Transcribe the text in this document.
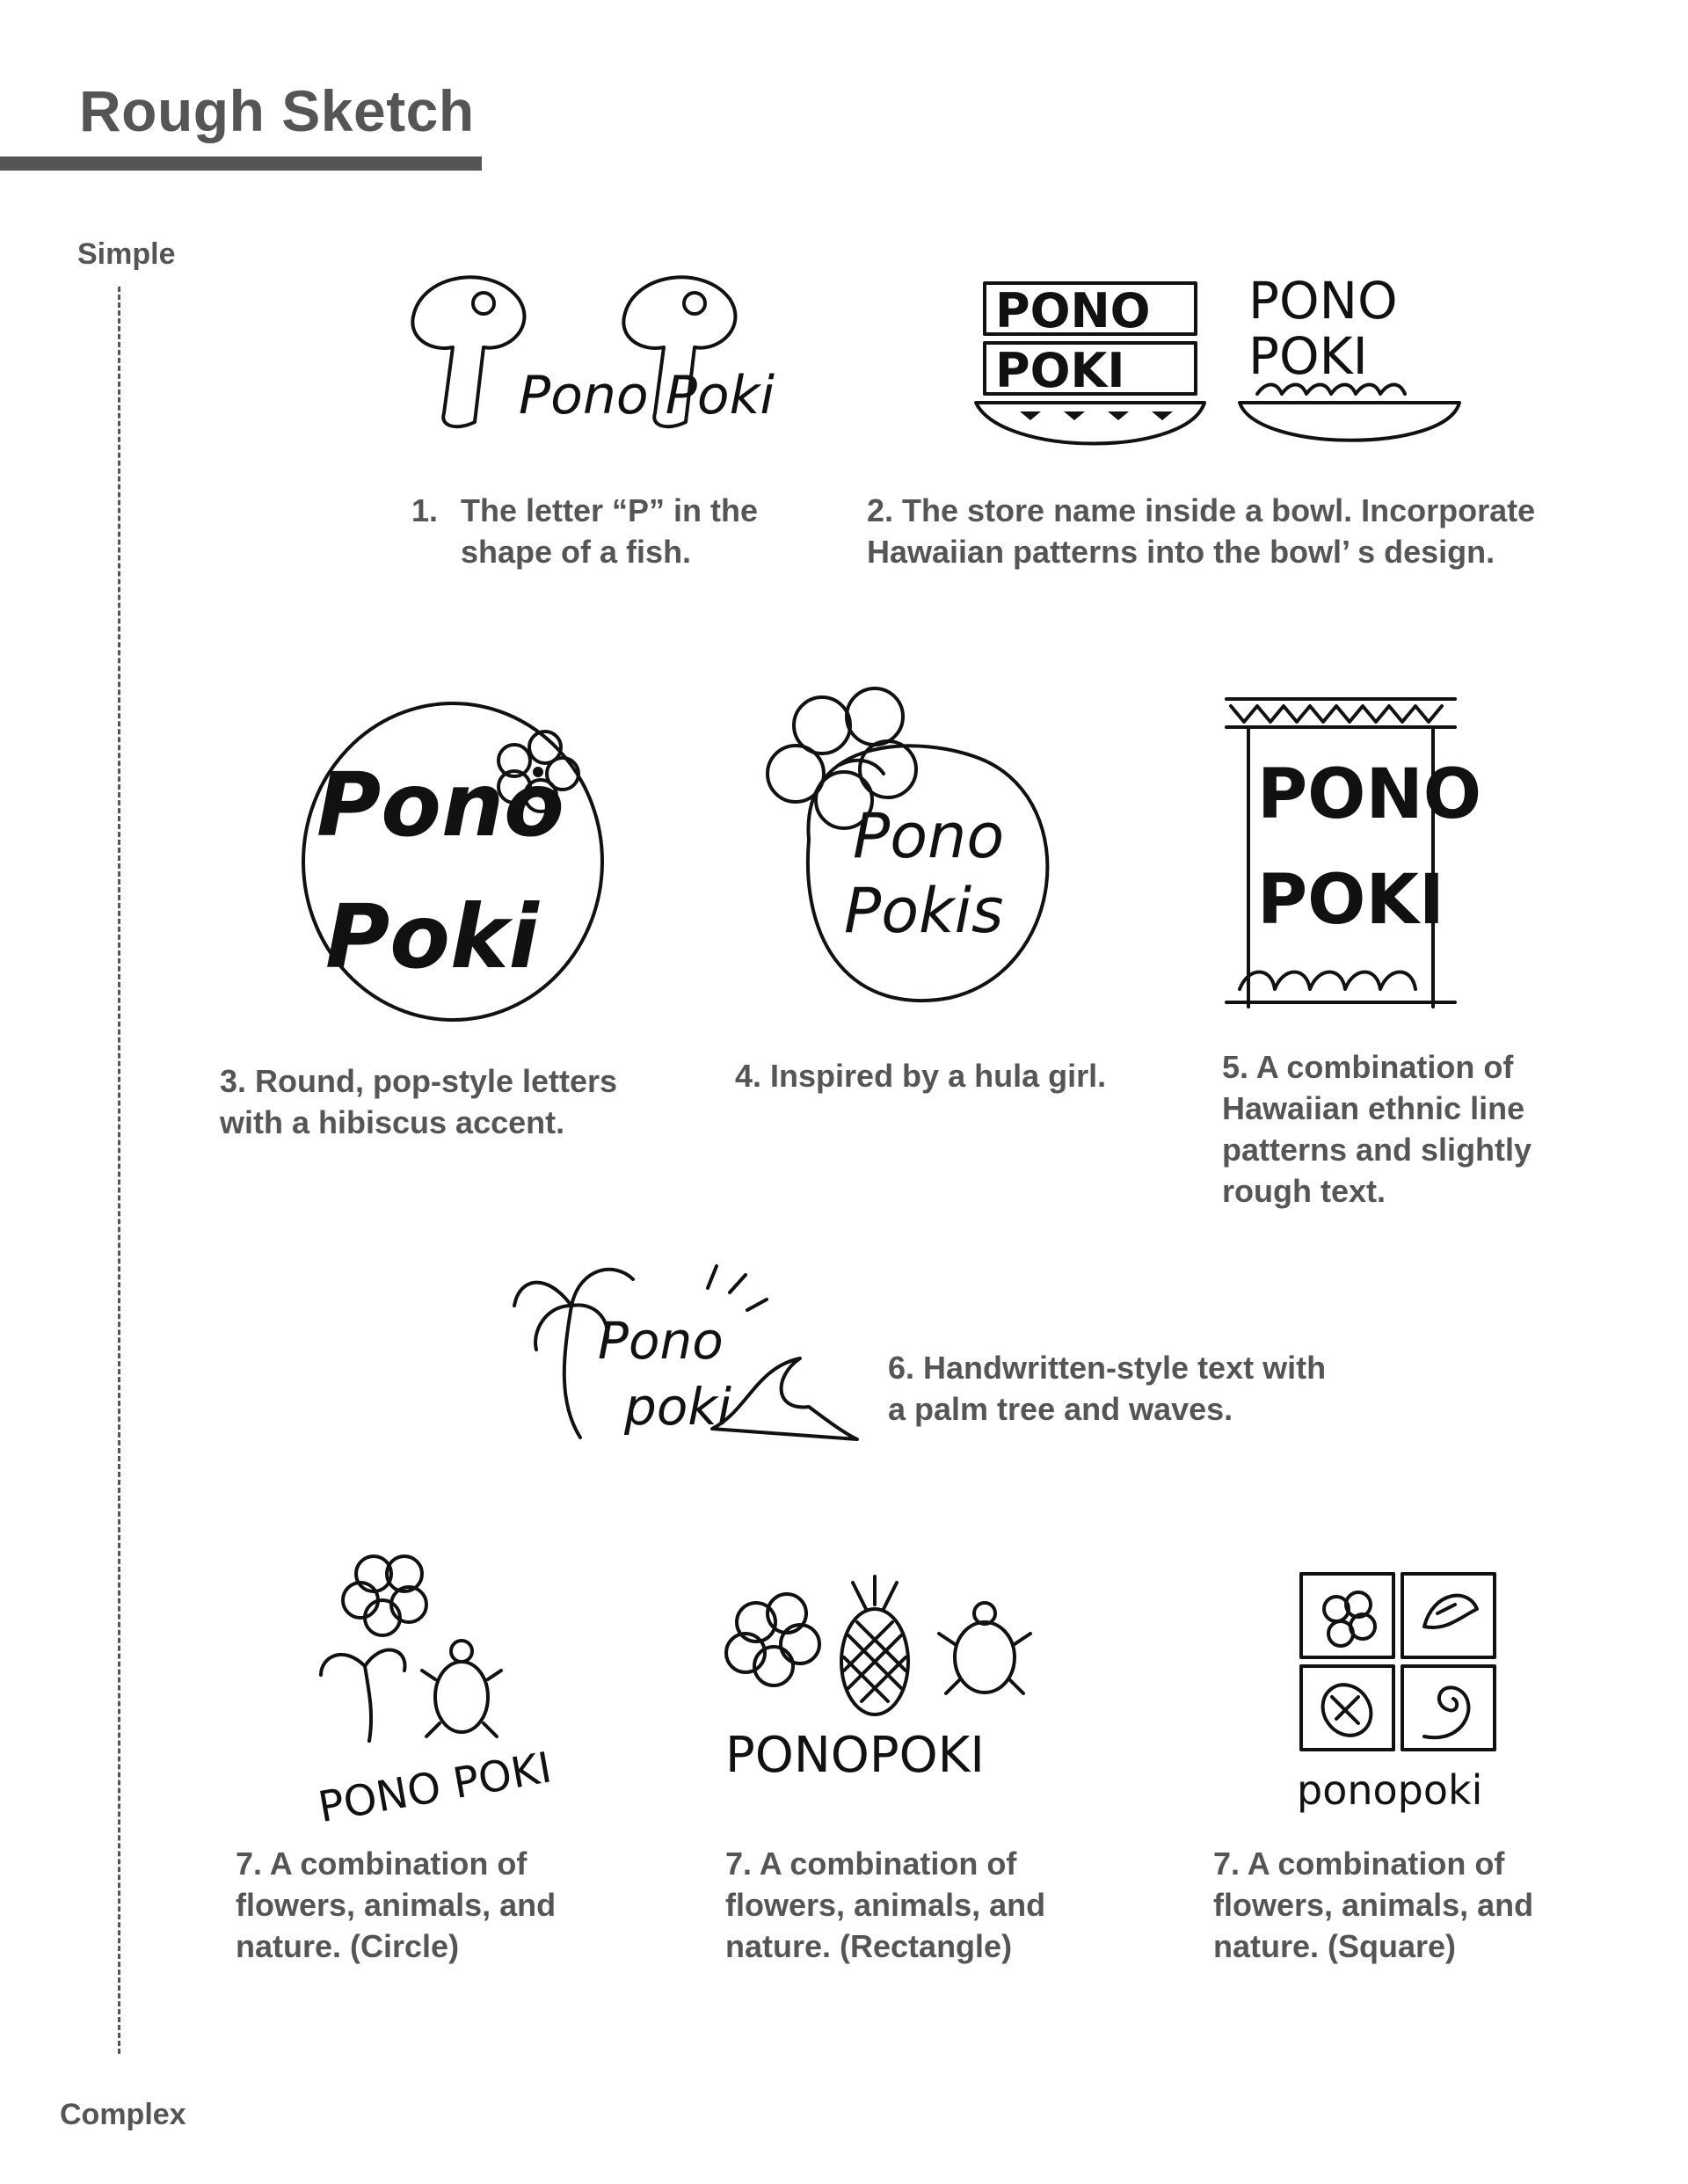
Rough Sketch
Simple
Complex
Pono Poki
1. The letter “P” in the
shape of a fish.
PONO
POKI
PONO
POKI
2. The store name inside a bowl. Incorporate
Hawaiian patterns into the bowl’ s design.
Pono
Poki
3. Round, pop-style letters
with a hibiscus accent.
Pono
Pokis
4. Inspired by a hula girl.
PONO
POKI
5. A combination of
Hawaiian ethnic line
patterns and slightly
rough text.
Pono
poki
6. Handwritten-style text with
a palm tree and waves.
PONO POKI
7. A combination of
flowers, animals, and
nature. (Circle)
PONOPOKI
7. A combination of
flowers, animals, and
nature. (Rectangle)
ponopoki
7. A combination of
flowers, animals, and
nature. (Square)
